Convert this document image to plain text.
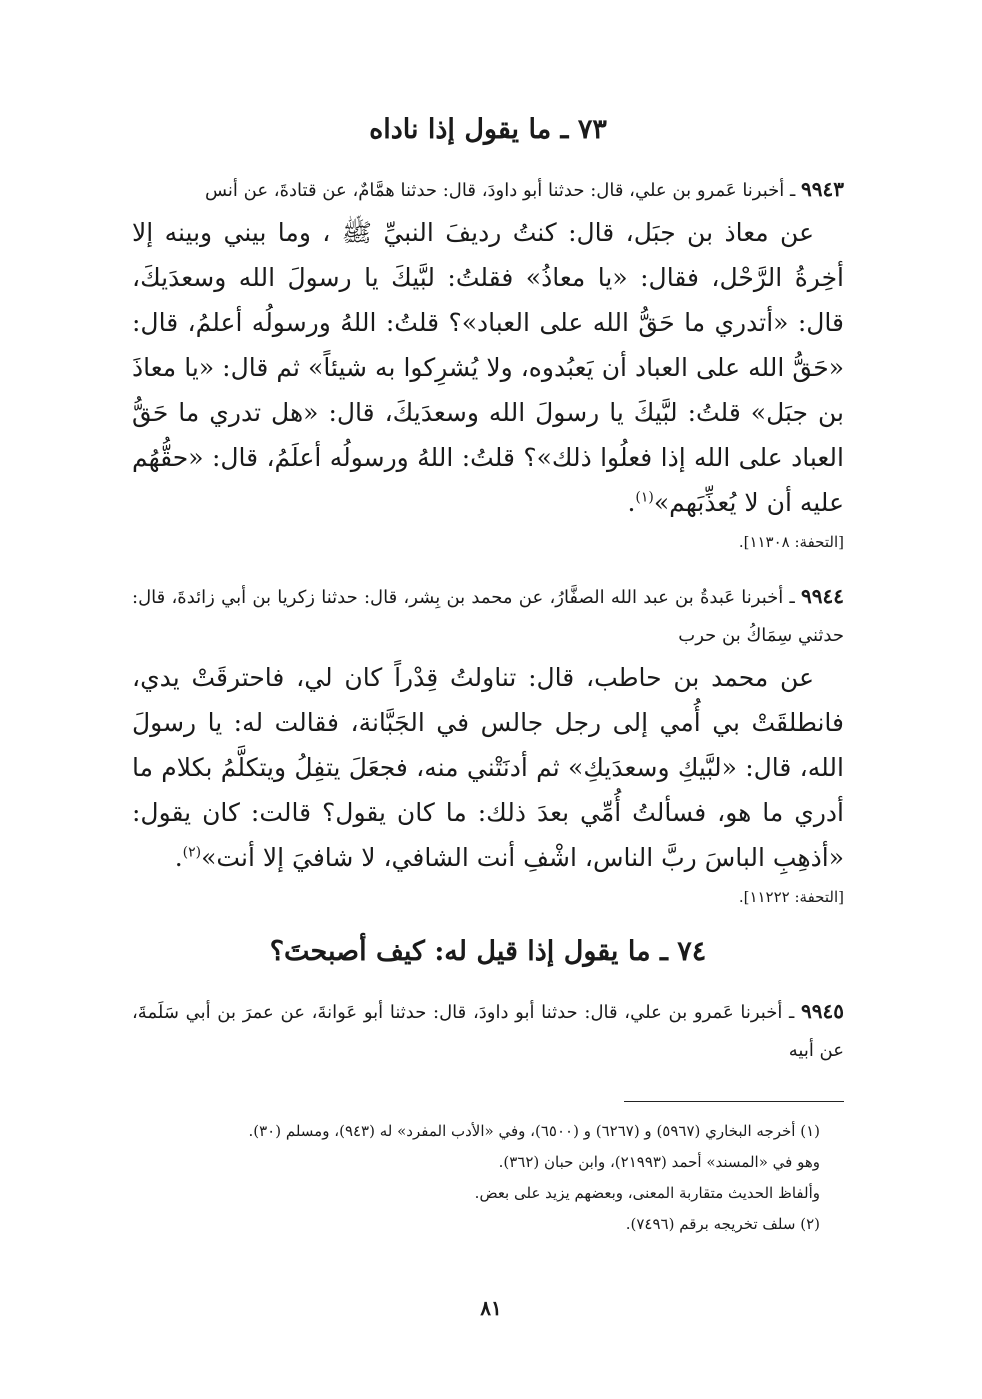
٧٣ ـ ما يقول إذا ناداه

٩٩٤٣ ـ أخبرنا عَمرو بن علي، قال: حدثنا أبو داودَ، قال: حدثنا همَّامٌ، عن قتادةَ، عن أنس

عن معاذ بن جبَل، قال: كنتُ رديفَ النبيِّ ﷺ ، وما بيني وبينه إلا أخِرةُ الرَّحْل، فقال: «يا معاذُ» فقلتُ: لبَّيكَ يا رسولَ الله وسعدَيكَ، قال: «أتدري ما حَقُّ الله على العباد»؟ قلتُ: اللهُ ورسولُه أعلمُ، قال: «حَقُّ الله على العباد أن يَعبُدوه، ولا يُشرِكوا به شيئاً» ثم قال: «يا معاذَ بن جبَل» قلتُ: لبَّيكَ يا رسولَ الله وسعدَيكَ، قال: «هل تدري ما حَقُّ العباد على الله إذا فعلُوا ذلك»؟ قلتُ: اللهُ ورسولُه أعلَمُ، قال: «حقُّهُم عليه أن لا يُعذِّبَهم»$^{(١)}$.

[التحفة: ١١٣٠٨].

٩٩٤٤ ـ أخبرنا عَبدةُ بن عبد الله الصفَّارُ، عن محمد بن بِشر، قال: حدثنا زكريا بن أبي زائدةَ، قال: حدثني سِمَاكُ بن حرب

عن محمد بن حاطب، قال: تناولتُ قِدْراً كان لي، فاحترقَتْ يدي، فانطلقَتْ بي أُمي إلى رجل جالس في الجَبَّانة، فقالت له: يا رسولَ الله، قال: «لبَّيكِ وسعدَيكِ» ثم أدنَتْني منه، فجعَلَ يتفِلُ ويتكلَّمُ بكلام ما أدري ما هو، فسألتُ أُمِّي بعدَ ذلك: ما كان يقول؟ قالت: كان يقول: «أذهِبِ الباسَ ربَّ الناس، اشْفِ أنت الشافي، لا شافيَ إلا أنت»$^{(٢)}$.

[التحفة: ١١٢٢٢].

٧٤ ـ ما يقول إذا قيل له: كيف أصبحتَ؟

٩٩٤٥ ـ أخبرنا عَمرو بن علي، قال: حدثنا أبو داودَ، قال: حدثنا أبو عَوانةَ، عن عمرَ بن أبي سَلَمةَ، عن أبيه

(١) أخرجه البخاري (٥٩٦٧) و (٦٢٦٧) و (٦٥٠٠)، وفي «الأدب المفرد» له (٩٤٣)، ومسلم (٣٠).

وهو في «المسند» أحمد (٢١٩٩٣)، وابن حبان (٣٦٢).

وألفاظ الحديث متقاربة المعنى، وبعضهم يزيد على بعض.

(٢) سلف تخريجه برقم (٧٤٩٦).

٨١
